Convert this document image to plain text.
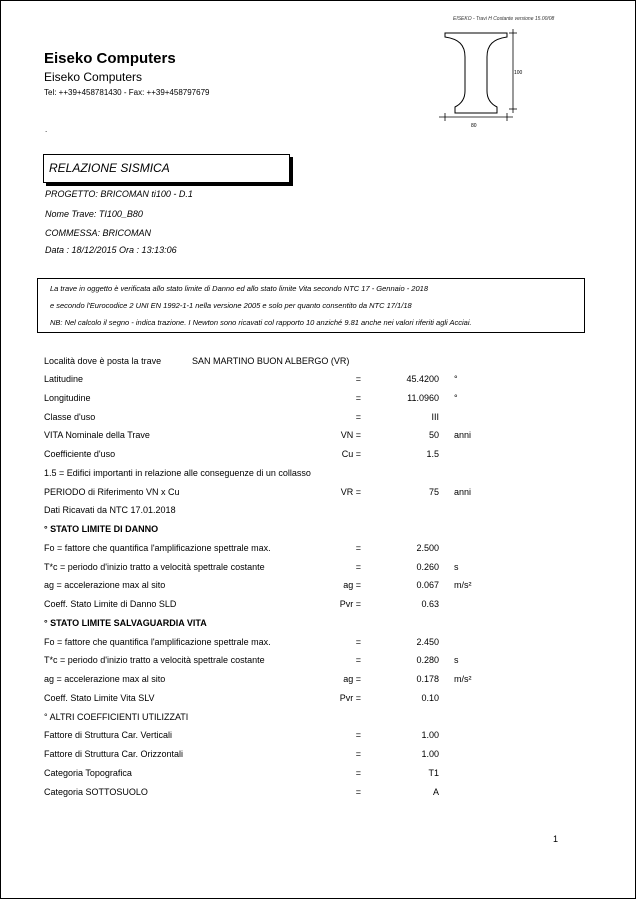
EISEKO - Travi H Costante versione 15.00/08
Eiseko Computers
Eiseko Computers
Tel: ++39+458781430 - Fax: ++39+458797679
.
100
80
RELAZIONE SISMICA
PROGETTO: BRICOMAN ti100 - D.1
Nome Trave: TI100_B80
COMMESSA: BRICOMAN
Data : 18/12/2015 Ora : 13:13:06
La trave in oggetto è verificata allo stato limite di Danno ed allo stato limite Vita secondo NTC 17 - Gennaio - 2018
e secondo l'Eurocodice 2 UNI EN 1992-1-1 nella versione 2005 e solo per quanto consentito da NTC 17/1/18
NB: Nel calcolo il segno - indica trazione. I Newton sono ricavati col rapporto 10 anziché 9.81 anche nei valori riferiti agli Acciai.
Località dove è posta la trave	SAN MARTINO BUON ALBERGO (VR)
Latitudine	=	45.4200 °
Longitudine	=	11.0960 °
Classe d'uso	=	III
VITA Nominale della Trave	VN =	50 anni
Coefficiente d'uso	Cu =	1.5
1.5 = Edifici importanti in relazione alle conseguenze di un collasso
PERIODO di Riferimento VN x Cu	VR =	75 anni
Dati Ricavati da NTC 17.01.2018
° STATO LIMITE DI DANNO
Fo = fattore che quantifica l'amplificazione spettrale max.	=	2.500
T*c = periodo d'inizio tratto a velocità spettrale costante	=	0.260 s
ag = accelerazione max al sito	ag =	0.067 m/s²
Coeff. Stato Limite di Danno SLD	Pvr =	0.63
° STATO LIMITE SALVAGUARDIA VITA
Fo = fattore che quantifica l'amplificazione spettrale max.	=	2.450
T*c = periodo d'inizio tratto a velocità spettrale costante	=	0.280 s
ag = accelerazione max al sito	ag =	0.178 m/s²
Coeff. Stato Limite Vita SLV	Pvr =	0.10
° ALTRI COEFFICIENTI UTILIZZATI
Fattore di Struttura Car. Verticali	=	1.00
Fattore di Struttura Car. Orizzontali	=	1.00
Categoria Topografica	=	T1
Categoria SOTTOSUOLO	=	A
1
